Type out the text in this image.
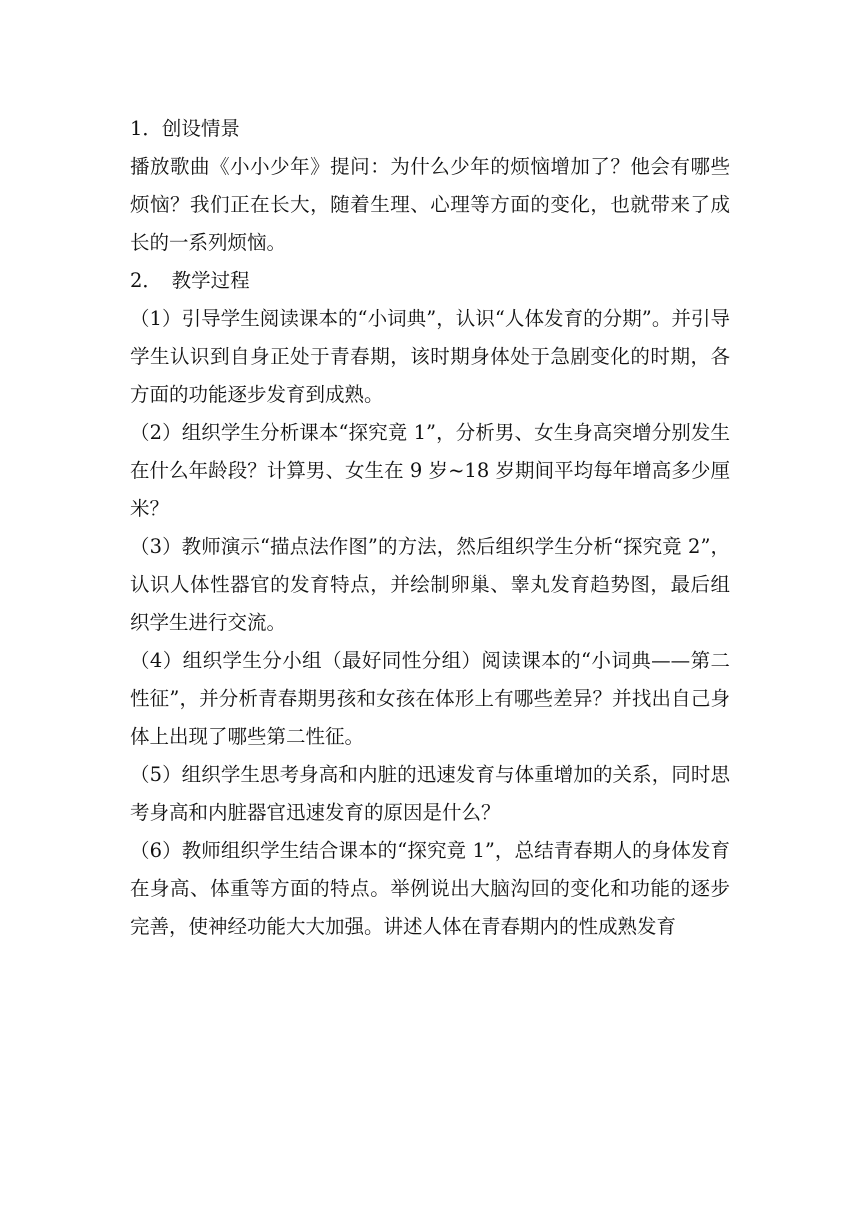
1．创设情景

播放歌曲《小小少年》提问：为什么少年的烦恼增加了？他会有哪些烦恼？我们正在长大，随着生理、心理等方面的变化，也就带来了成长的一系列烦恼。

2．　教学过程

（1）引导学生阅读课本的“小词典”，认识“人体发育的分期”。并引导学生认识到自身正处于青春期，该时期身体处于急剧变化的时期，各方面的功能逐步发育到成熟。

（2）组织学生分析课本“探究竟 1”，分析男、女生身高突增分别发生在什么年龄段？计算男、女生在 9 岁~18 岁期间平均每年增高多少厘米？

（3）教师演示“描点法作图”的方法，然后组织学生分析“探究竟 2”，认识人体性器官的发育特点，并绘制卵巢、睾丸发育趋势图，最后组织学生进行交流。

（4）组织学生分小组（最好同性分组）阅读课本的“小词典——第二性征”，并分析青春期男孩和女孩在体形上有哪些差异？并找出自己身体上出现了哪些第二性征。

（5）组织学生思考身高和内脏的迅速发育与体重增加的关系，同时思考身高和内脏器官迅速发育的原因是什么？

（6）教师组织学生结合课本的“探究竟 1”，总结青春期人的身体发育在身高、体重等方面的特点。举例说出大脑沟回的变化和功能的逐步完善，使神经功能大大加强。讲述人体在青春期内的性成熟发育
